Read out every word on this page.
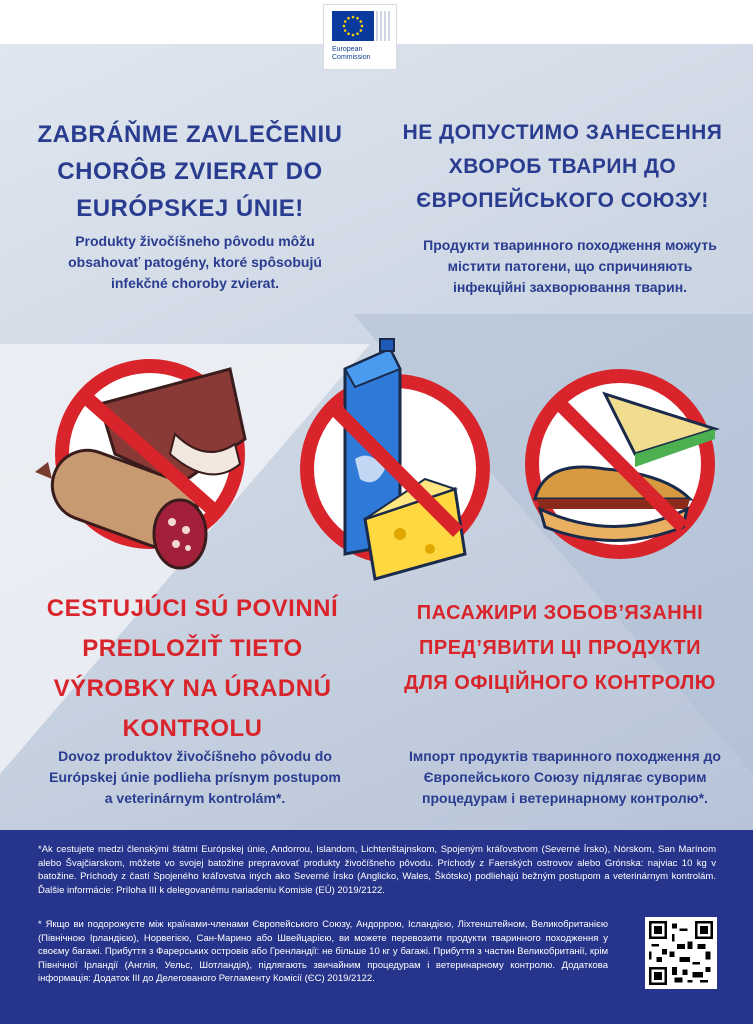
European
Commission
ZABRÁŇME ZAVLEČENIU CHORÔB ZVIERAT DO EURÓPSKEJ ÚNIE!
НЕ ДОПУСТИМО ЗАНЕСЕННЯ ХВОРОБ ТВАРИН ДО ЄВРОПЕЙСЬКОГО СОЮЗУ!
Produkty živočíšneho pôvodu môžu obsahovať patogény, ktoré spôsobujú infekčné choroby zvierat.
Продукти тваринного походження можуть містити патогени, що спричиняють інфекційні захворювання тварин.
CESTUJÚCI SÚ POVINNÍ PREDLOŽIŤ TIETO VÝROBKY NA ÚRADNÚ KONTROLU
ПАСАЖИРИ ЗОБОВ’ЯЗАННІ ПРЕД’ЯВИТИ ЦІ ПРОДУКТИ ДЛЯ ОФІЦІЙНОГО КОНТРОЛЮ
Dovoz produktov živočíšneho pôvodu do Európskej únie podlieha prísnym postupom a veterinárnym kontrolám*.
Імпорт продуктів тваринного походження до Європейського Союзу підлягає суворим процедурам і ветеринарному контролю*.

*Ak cestujete medzi členskými štátmi Európskej únie, Andorrou, Islandom, Lichtenštajnskom, Spojeným kráľovstvom (Severné Írsko), Nórskom, San Marínom alebo Švajčiarskom, môžete vo svojej batožine prepravovať produkty živočíšneho pôvodu. Príchody z Faerských ostrovov alebo Grónska: najviac 10 kg v batožine. Príchody z častí Spojeného kráľovstva iných ako Severné Írsko (Anglicko, Wales, Škótsko) podliehajú bežným postupom a veterinárnym kontrolám. Ďalšie informácie: Príloha III k delegovanému nariadeniu Komisie (EÚ) 2019/2122.

* Якщо ви подорожуєте між країнами-членами Європейського Союзу, Андоррою, Ісландією, Ліхтенштейном, Великобританією (Північною Ірландією), Норвегією, Сан-Марино або Швейцарією, ви можете перевозити продукти тваринного походження у своєму багажі. Прибуття з Фарерських островів або Гренландії: не більше 10 кг у багажі. Прибуття з частин Великобританії, крім Північної Ірландії (Англія, Уельс, Шотландія), підлягають звичайним процедурам і ветеринарному контролю. Додаткова інформація: Додаток III до Делегованого Регламенту Комісії (ЄС) 2019/2122.
